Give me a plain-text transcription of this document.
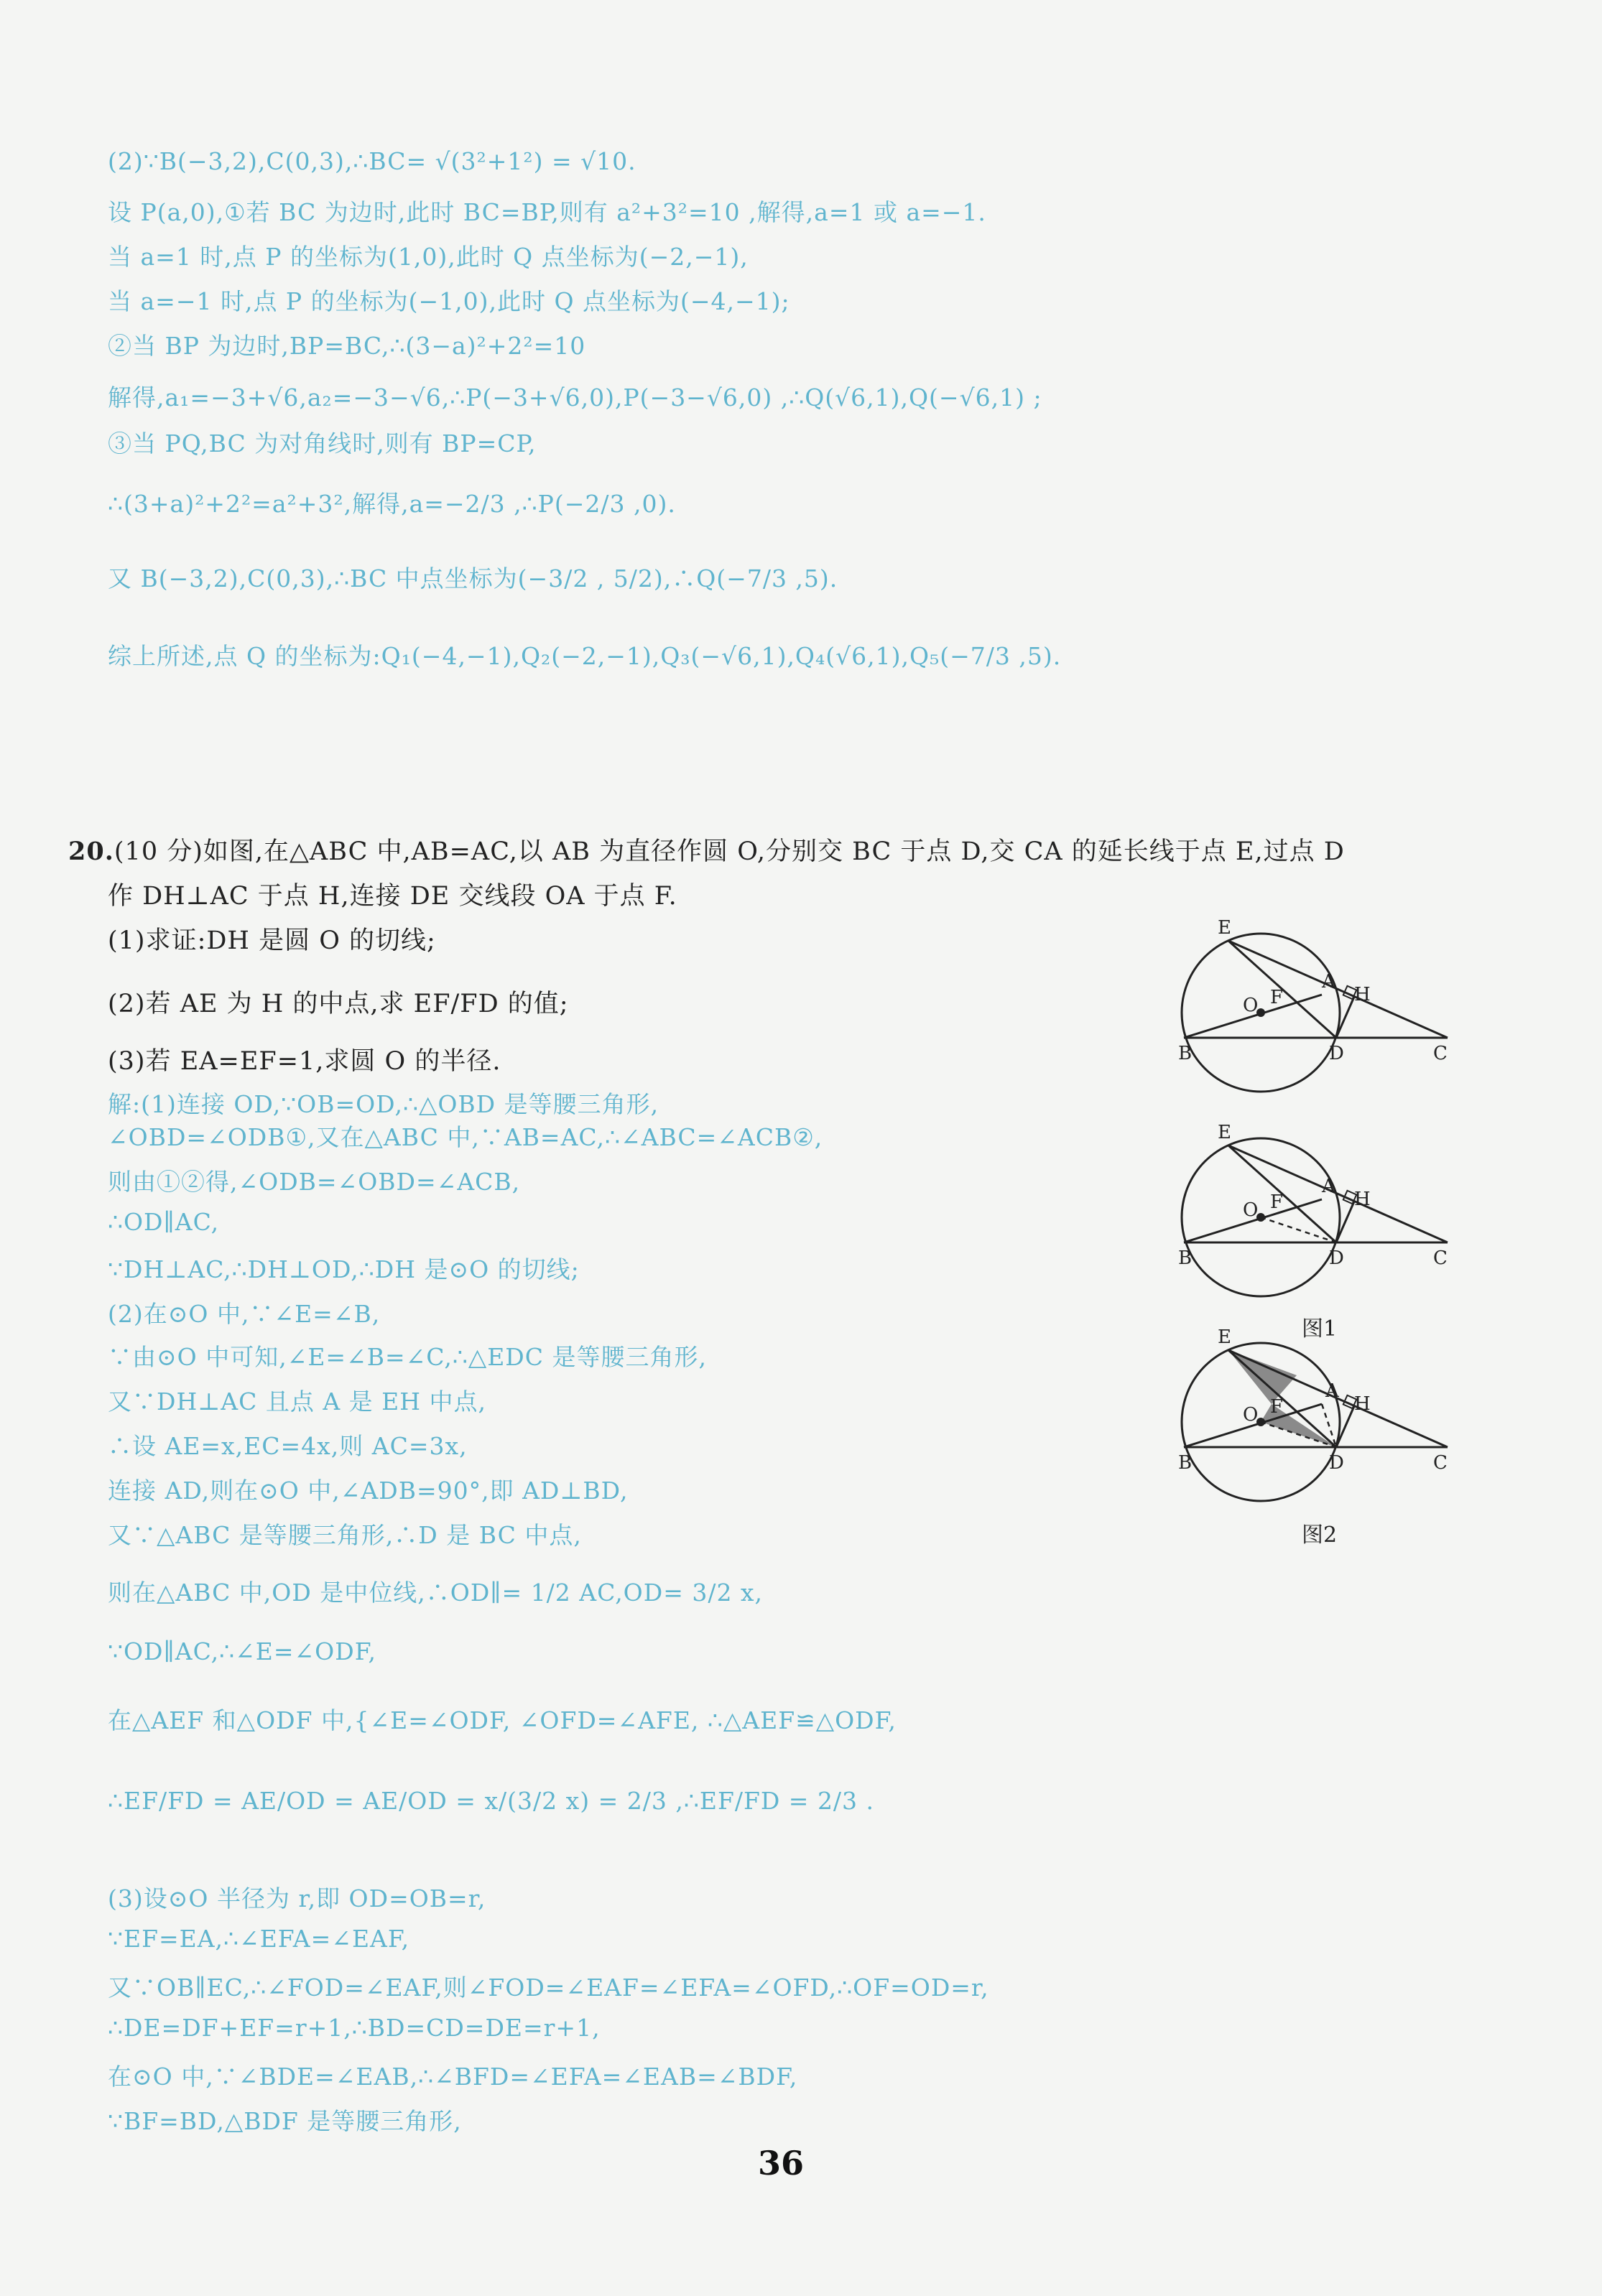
(2)∵B(−3,2),C(0,3),∴BC= √(3²+1²) = √10.
设 P(a,0),①若 BC 为边时,此时 BC=BP,则有 a²+3²=10 ,解得,a=1 或 a=−1.
当 a=1 时,点 P 的坐标为(1,0),此时 Q 点坐标为(−2,−1),
当 a=−1 时,点 P 的坐标为(−1,0),此时 Q 点坐标为(−4,−1);
②当 BP 为边时,BP=BC,∴(3−a)²+2²=10
解得,a₁=−3+√6,a₂=−3−√6,∴P(−3+√6,0),P(−3−√6,0) ,∴Q(√6,1),Q(−√6,1) ;
③当 PQ,BC 为对角线时,则有 BP=CP,
∴(3+a)²+2²=a²+3²,解得,a=−2/3 ,∴P(−2/3 ,0).
又 B(−3,2),C(0,3),∴BC 中点坐标为(−3/2 , 5/2),∴Q(−7/3 ,5).
综上所述,点 Q 的坐标为:Q₁(−4,−1),Q₂(−2,−1),Q₃(−√6,1),Q₄(√6,1),Q₅(−7/3 ,5).
20.(10 分)如图,在△ABC 中,AB=AC,以 AB 为直径作圆 O,分别交 BC 于点 D,交 CA 的延长线于点 E,过点 D
作 DH⊥AC 于点 H,连接 DE 交线段 OA 于点 F.
(1)求证:DH 是圆 O 的切线;
(2)若 AE 为 H 的中点,求 EF/FD 的值;
(3)若 EA=EF=1,求圆 O 的半径.
解:(1)连接 OD,∵OB=OD,∴△OBD 是等腰三角形,
∠OBD=∠ODB①,又在△ABC 中,∵AB=AC,∴∠ABC=∠ACB②,
则由①②得,∠ODB=∠OBD=∠ACB,
∴OD∥AC,
∵DH⊥AC,∴DH⊥OD,∴DH 是⊙O 的切线;
(2)在⊙O 中,∵∠E=∠B,
∵由⊙O 中可知,∠E=∠B=∠C,∴△EDC 是等腰三角形,
又∵DH⊥AC 且点 A 是 EH 中点,
∴设 AE=x,EC=4x,则 AC=3x,
连接 AD,则在⊙O 中,∠ADB=90°,即 AD⊥BD,
又∵△ABC 是等腰三角形,∴D 是 BC 中点,
则在△ABC 中,OD 是中位线,∴OD∥= 1/2 AC,OD= 3/2 x,
∵OD∥AC,∴∠E=∠ODF,
在△AEF 和△ODF 中,{∠E=∠ODF, ∠OFD=∠AFE, ∴△AEF≌△ODF,
∴EF/FD = AE/OD = AE/OD = x/(3/2 x) = 2/3 ,∴EF/FD = 2/3 .
(3)设⊙O 半径为 r,即 OD=OB=r,
∵EF=EA,∴∠EFA=∠EAF,
又∵OB∥EC,∴∠FOD=∠EAF,则∠FOD=∠EAF=∠EFA=∠OFD,∴OF=OD=r,
∴DE=DF+EF=r+1,∴BD=CD=DE=r+1,
在⊙O 中,∵∠BDE=∠EAB,∴∠BFD=∠EFA=∠EAB=∠BDF,
∵BF=BD,△BDF 是等腰三角形,
E
A
H
O F
B	D	C
E
A
H
O F
B	D	C
图1
E
A
H
O F
B	D	C
图2
36
